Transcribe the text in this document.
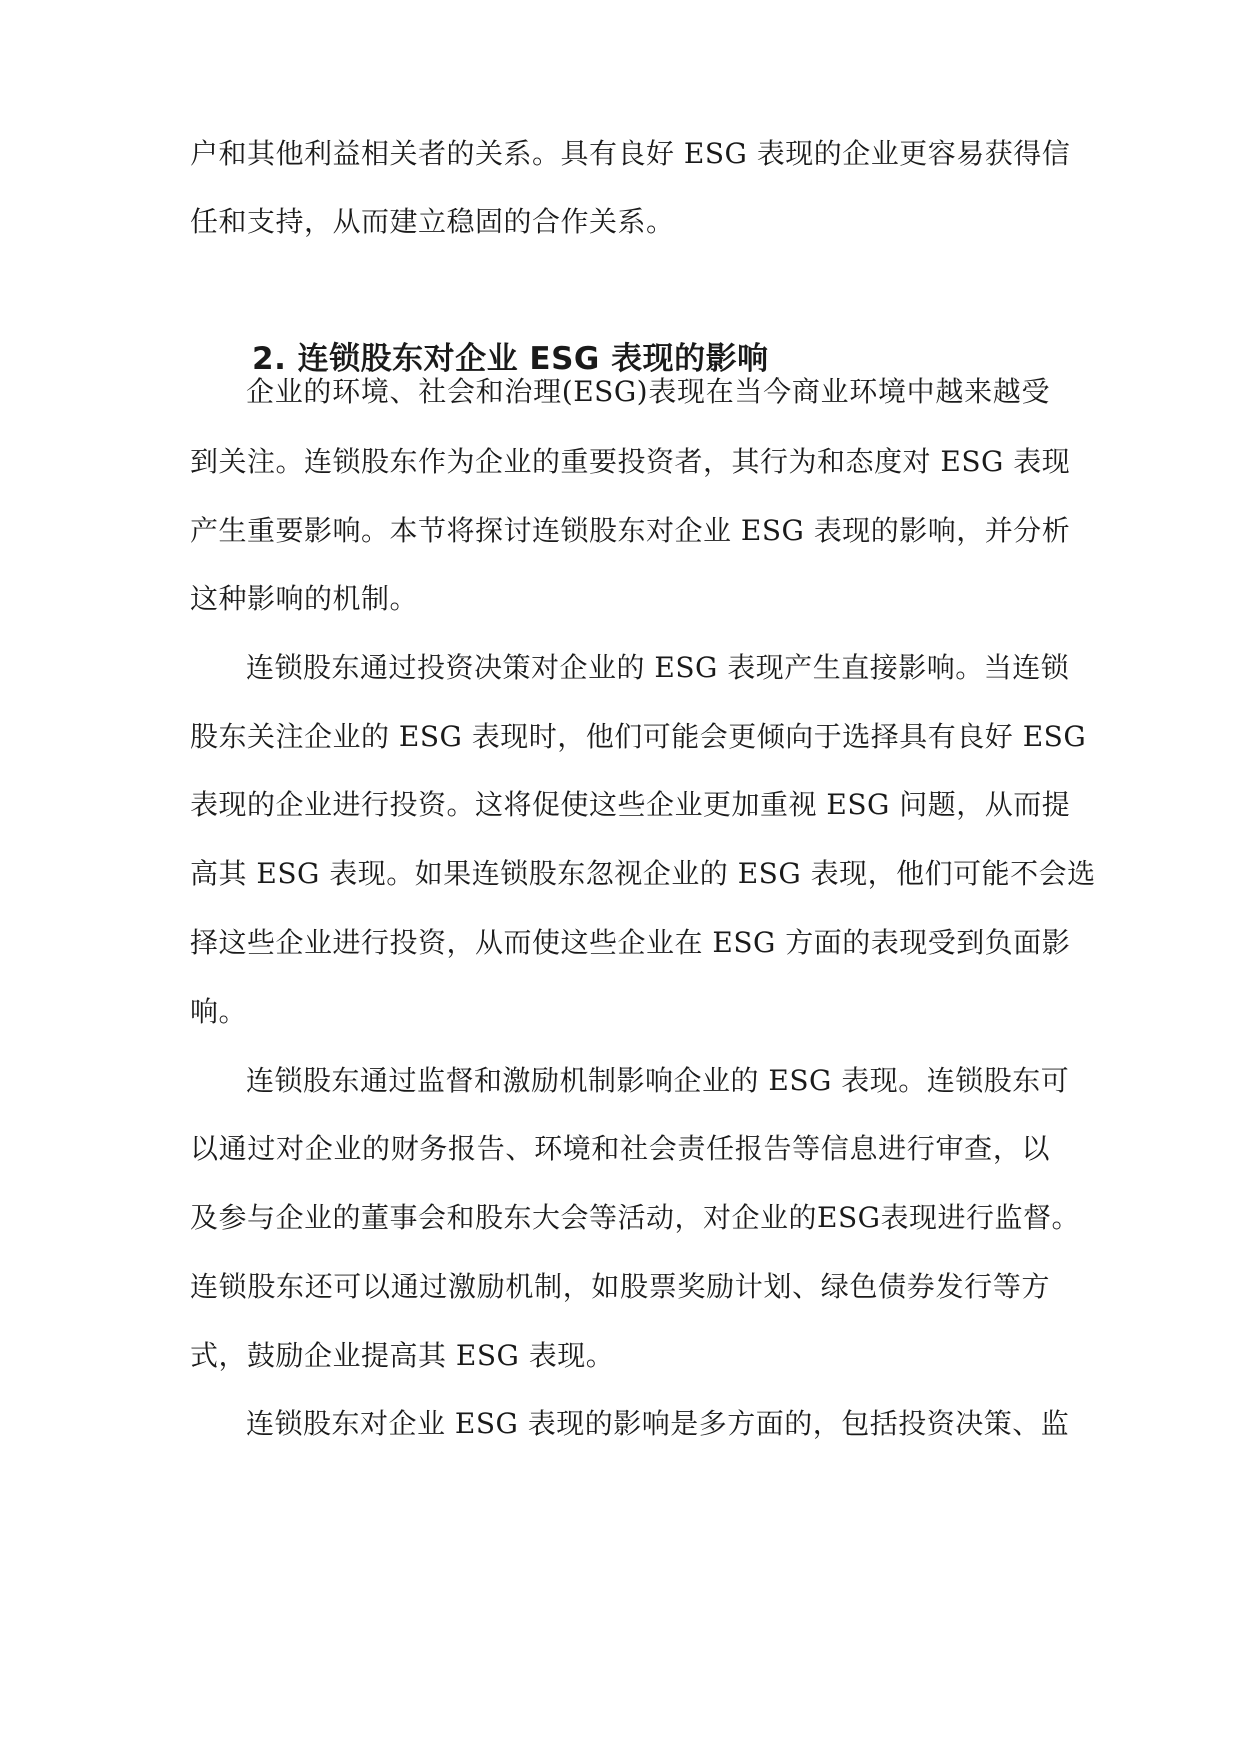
户和其他利益相关者的关系。具有良好 ESG 表现的企业更容易获得信
任和支持，从而建立稳固的合作关系。
2. 连锁股东对企业 ESG 表现的影响
企业的环境、社会和治理(ESG)表现在当今商业环境中越来越受
到关注。连锁股东作为企业的重要投资者，其行为和态度对 ESG 表现
产生重要影响。本节将探讨连锁股东对企业 ESG 表现的影响，并分析
这种影响的机制。
连锁股东通过投资决策对企业的 ESG 表现产生直接影响。当连锁
股东关注企业的 ESG 表现时，他们可能会更倾向于选择具有良好 ESG
表现的企业进行投资。这将促使这些企业更加重视 ESG 问题，从而提
高其 ESG 表现。如果连锁股东忽视企业的 ESG 表现，他们可能不会选
择这些企业进行投资，从而使这些企业在 ESG 方面的表现受到负面影
响。
连锁股东通过监督和激励机制影响企业的 ESG 表现。连锁股东可
以通过对企业的财务报告、环境和社会责任报告等信息进行审查，以
及参与企业的董事会和股东大会等活动，对企业的ESG表现进行监督。
连锁股东还可以通过激励机制，如股票奖励计划、绿色债券发行等方
式，鼓励企业提高其 ESG 表现。
连锁股东对企业 ESG 表现的影响是多方面的，包括投资决策、监
